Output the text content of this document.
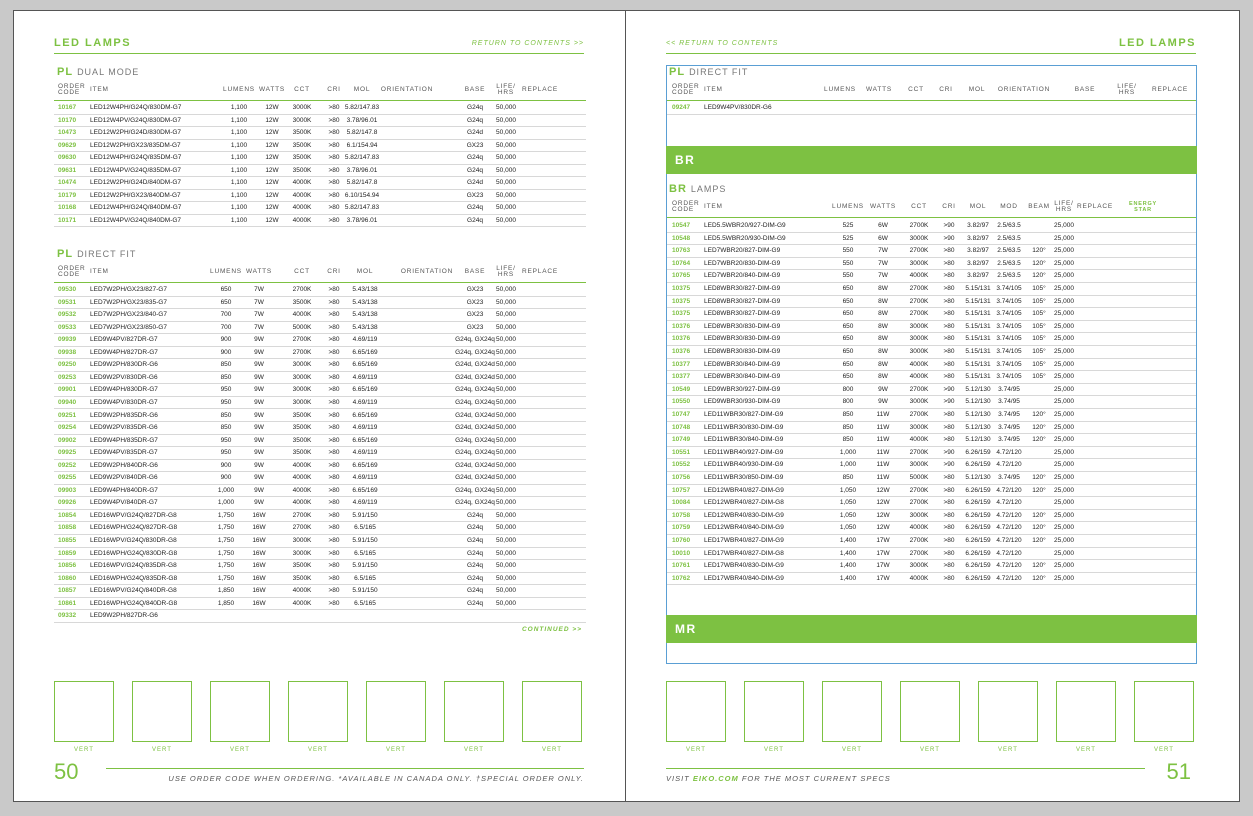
LED LAMPS	RETURN TO CONTENTS >>
PL DUAL MODE
ORDER
CODE	ITEM	LUMENS WATTS CCT	CRI MOL ORIENTATION	BASE LIFE/
HRS REPLACE
10167 LED12W4PH/G24Q/830DM-G7	1,100	12W 3000K	>80 5.82/147.83	G24q 50,000
10170 LED12W4PV/G24Q/830DM-G7	1,100	12W 3000K	>80 3.78/96.01	G24q 50,000
10473 LED12W2PH/G24D/830DM-G7	1,100	12W 3500K	>80 5.82/147.8	G24d 50,000
09629 LED12W2PH/GX23/835DM-G7	1,100	12W 3500K	>80 6.1/154.94	GX23 50,000
09630 LED12W4PH/G24Q/835DM-G7	1,100	12W 3500K	>80 5.82/147.83	G24q 50,000
09631 LED12W4PV/G24Q/835DM-G7	1,100	12W 3500K	>80 3.78/96.01	G24q 50,000
10474 LED12W2PH/G24D/840DM-G7	1,100	12W 4000K	>80 5.82/147.8	G24d 50,000
10179 LED12W2PH/GX23/840DM-G7	1,100	12W 4000K	>80 6.10/154.94	GX23 50,000
10168 LED12W4PH/G24Q/840DM-G7	1,100	12W 4000K	>80 5.82/147.83	G24q 50,000
10171 LED12W4PV/G24Q/840DM-G7	1,100	12W 4000K	>80 3.78/96.01	G24q 50,000
PL DIRECT FIT
ORDER
CODE	ITEM	LUMENS WATTS	CCT	CRI MOL	ORIENTATION BASE LIFE/
HRS REPLACE
09530 LED7W2PH/GX23/827-G7	650	7W	2700K	>80 5.43/138	GX23 50,000
09531 LED7W2PH/GX23/835-G7	650	7W	3500K	>80 5.43/138	GX23 50,000
09532 LED7W2PH/GX23/840-G7	700	7W	4000K	>80 5.43/138	GX23 50,000
09533 LED7W2PH/GX23/850-G7	700	7W	5000K	>80 5.43/138	GX23 50,000
09939 LED9W4PV/827DR-G7	900	9W	2700K	>80 4.69/119	G24q, GX24q 50,000
09938 LED9W4PH/827DR-G7	900	9W	2700K	>80 6.65/169	G24q, GX24q 50,000
09250 LED9W2PH/830DR-G6	850	9W	3000K	>80 6.65/169	G24d, GX24d 50,000
09253 LED9W2PV/830DR-G6	850	9W	3000K	>80 4.69/119	G24d, GX24d 50,000
09901 LED9W4PH/830DR-G7	950	9W	3000K	>80 6.65/169	G24q, GX24q 50,000
09940 LED9W4PV/830DR-G7	950	9W	3000K	>80 4.69/119	G24q, GX24q 50,000
09251 LED9W2PH/835DR-G6	850	9W	3500K	>80 6.65/169	G24d, GX24d 50,000
09254 LED9W2PV/835DR-G6	850	9W	3500K	>80 4.69/119	G24d, GX24d 50,000
09902 LED9W4PH/835DR-G7	950	9W	3500K	>80 6.65/169	G24q, GX24q 50,000
09925 LED9W4PV/835DR-G7	950	9W	3500K	>80 4.69/119	G24q, GX24q 50,000
09252 LED9W2PH/840DR-G6	900	9W	4000K	>80 6.65/169	G24d, GX24d 50,000
09255 LED9W2PV/840DR-G6	900	9W	4000K	>80 4.69/119	G24d, GX24d 50,000
09903 LED9W4PH/840DR-G7	1,000	9W	4000K	>80 6.65/169	G24q, GX24q 50,000
09926 LED9W4PV/840DR-G7	1,000	9W	4000K	>80 4.69/119	G24q, GX24q 50,000
10854 LED16WPV/G24Q/827DR-G8	1,750	16W	2700K	>80 5.91/150	G24q 50,000
10858 LED16WPH/G24Q/827DR-G8	1,750	16W	2700K	>80 6.5/165	G24q 50,000
10855 LED16WPV/G24Q/830DR-G8	1,750	16W	3000K	>80 5.91/150	G24q 50,000
10859 LED16WPH/G24Q/830DR-G8	1,750	16W	3000K	>80 6.5/165	G24q 50,000
10856 LED16WPV/G24Q/835DR-G8	1,750	16W	3500K	>80 5.91/150	G24q 50,000
10860 LED16WPH/G24Q/835DR-G8	1,750	16W	3500K	>80 6.5/165	G24q 50,000
10857 LED16WPV/G24Q/840DR-G8	1,850	16W	4000K	>80 5.91/150	G24q 50,000
10861 LED16WPH/G24Q/840DR-G8	1,850	16W	4000K	>80 6.5/165	G24q 50,000
09332 LED9W2PH/827DR-G6
CONTINUED >>
VERT	VERT	VERT	VERT	VERT	VERT	VERT
50	USE ORDER CODE WHEN ORDERING. *AVAILABLE IN CANADA ONLY. †SPECIAL ORDER ONLY.
<< RETURN TO CONTENTS	LED LAMPS
PL DIRECT FIT
ORDER
CODE	ITEM	LUMENS WATTS CCT CRI MOL ORIENTATION	BASE	LIFE/
HRS	REPLACE
09247 LED9W4PV/830DR-G6
BR LAMPS
ORDER
CODE	ITEM	LUMENS WATTS CCT CRI MOL MOD BEAM LIFE/
HRS REPLACE	ENERGY
STAR
10547 LED5.5WBR20/927-DIM-G9	525	6W	2700K >90 3.82/97 2.5/63.5	25,000
10548 LED5.5WBR20/930-DIM-G9	525	6W	3000K >90 3.82/97 2.5/63.5	25,000
10763 LED7WBR20/827-DIM-G9	550	7W	2700K >80 3.82/97 2.5/63.5 120° 25,000
10764 LED7WBR20/830-DIM-G9	550	7W	3000K >80 3.82/97 2.5/63.5 120° 25,000
10765 LED7WBR20/840-DIM-G9	550	7W	4000K >80 3.82/97 2.5/63.5 120° 25,000
10375 LED8WBR30/827-DIM-G9	650	8W	2700K >80 5.15/131 3.74/105 105° 25,000
10375 LED8WBR30/827-DIM-G9	650	8W	2700K >80 5.15/131 3.74/105 105° 25,000
10375 LED8WBR30/827-DIM-G9	650	8W	2700K >80 5.15/131 3.74/105 105° 25,000
10376 LED8WBR30/830-DIM-G9	650	8W	3000K >80 5.15/131 3.74/105 105° 25,000
10376 LED8WBR30/830-DIM-G9	650	8W	3000K >80 5.15/131 3.74/105 105° 25,000
10376 LED8WBR30/830-DIM-G9	650	8W	3000K >80 5.15/131 3.74/105 105° 25,000
10377 LED8WBR30/840-DIM-G9	650	8W	4000K >80 5.15/131 3.74/105 105° 25,000
10377 LED8WBR30/840-DIM-G9	650	8W	4000K >80 5.15/131 3.74/105 105° 25,000
10549 LED9WBR30/927-DIM-G9	800	9W	2700K >90 5.12/130 3.74/95	25,000
10550 LED9WBR30/930-DIM-G9	800	9W	3000K >90 5.12/130 3.74/95	25,000
10747 LED11WBR30/827-DIM-G9	850	11W	2700K >80 5.12/130 3.74/95 120° 25,000
10748 LED11WBR30/830-DIM-G9	850	11W	3000K >80 5.12/130 3.74/95 120° 25,000
10749 LED11WBR30/840-DIM-G9	850	11W	4000K >80 5.12/130 3.74/95 120° 25,000
10551 LED11WBR40/927-DIM-G9	1,000	11W	2700K >90 6.26/159 4.72/120	25,000
10552 LED11WBR40/930-DIM-G9	1,000	11W	3000K >90 6.26/159 4.72/120	25,000
10756 LED11WBR30/850-DIM-G9	850	11W	5000K >80 5.12/130 3.74/95 120° 25,000
10757 LED12WBR40/827-DIM-G9	1,050	12W	2700K >80 6.26/159 4.72/120 120° 25,000
10084 LED12WBR40/827-DIM-G8	1,050	12W	2700K >80 6.26/159 4.72/120	25,000
10758 LED12WBR40/830-DIM-G9	1,050	12W	3000K >80 6.26/159 4.72/120 120° 25,000
10759 LED12WBR40/840-DIM-G9	1,050	12W	4000K >80 6.26/159 4.72/120 120° 25,000
10760 LED17WBR40/827-DIM-G9	1,400	17W	2700K >80 6.26/159 4.72/120 120° 25,000
10010 LED17WBR40/827-DIM-G8	1,400	17W	2700K >80 6.26/159 4.72/120	25,000
10761 LED17WBR40/830-DIM-G9	1,400	17W	3000K >80 6.26/159 4.72/120 120° 25,000
10762 LED17WBR40/840-DIM-G9	1,400	17W	4000K >80 6.26/159 4.72/120 120° 25,000
BR
MR
VERT	VERT	VERT	VERT	VERT	VERT	VERT
VISIT EIKO.COM FOR THE MOST CURRENT SPECS	51
